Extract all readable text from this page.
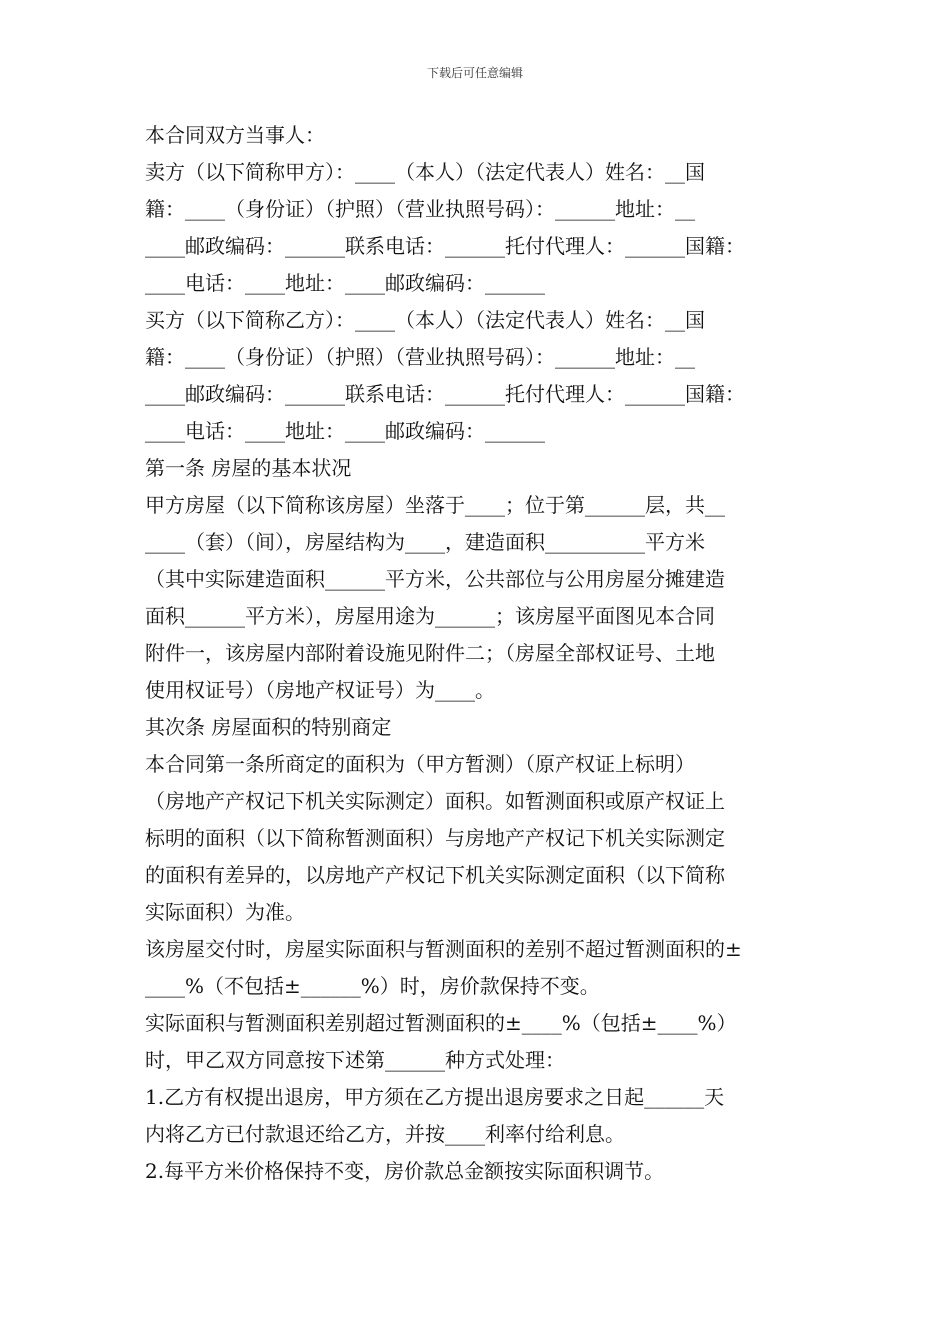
下载后可任意编辑
本合同双方当事人：
卖方（以下简称甲方）：____（本人）（法定代表人）姓名：__国
籍：____（身份证）（护照）（营业执照号码）：______地址：__
____邮政编码：______联系电话：______托付代理人：______国籍：
____电话：____地址：____邮政编码：______
买方（以下简称乙方）：____（本人）（法定代表人）姓名：__国
籍：____（身份证）（护照）（营业执照号码）：______地址：__
____邮政编码：______联系电话：______托付代理人：______国籍：
____电话：____地址：____邮政编码：______
第一条 房屋的基本状况
甲方房屋（以下简称该房屋）坐落于____；位于第______层，共__
____（套）（间），房屋结构为____，建造面积__________平方米
（其中实际建造面积______平方米，公共部位与公用房屋分摊建造
面积______平方米），房屋用途为______；该房屋平面图见本合同
附件一，该房屋内部附着设施见附件二；（房屋全部权证号、土地
使用权证号）（房地产权证号）为____。
其次条 房屋面积的特别商定
本合同第一条所商定的面积为（甲方暂测）（原产权证上标明）
（房地产产权记下机关实际测定）面积。如暂测面积或原产权证上
标明的面积（以下简称暂测面积）与房地产产权记下机关实际测定
的面积有差异的，以房地产产权记下机关实际测定面积（以下简称
实际面积）为准。
该房屋交付时，房屋实际面积与暂测面积的差别不超过暂测面积的±
____%（不包括±______%）时，房价款保持不变。
实际面积与暂测面积差别超过暂测面积的±____%（包括±____%）
时，甲乙双方同意按下述第______种方式处理：
1.乙方有权提出退房，甲方须在乙方提出退房要求之日起______天
内将乙方已付款退还给乙方，并按____利率付给利息。
2.每平方米价格保持不变，房价款总金额按实际面积调节。
